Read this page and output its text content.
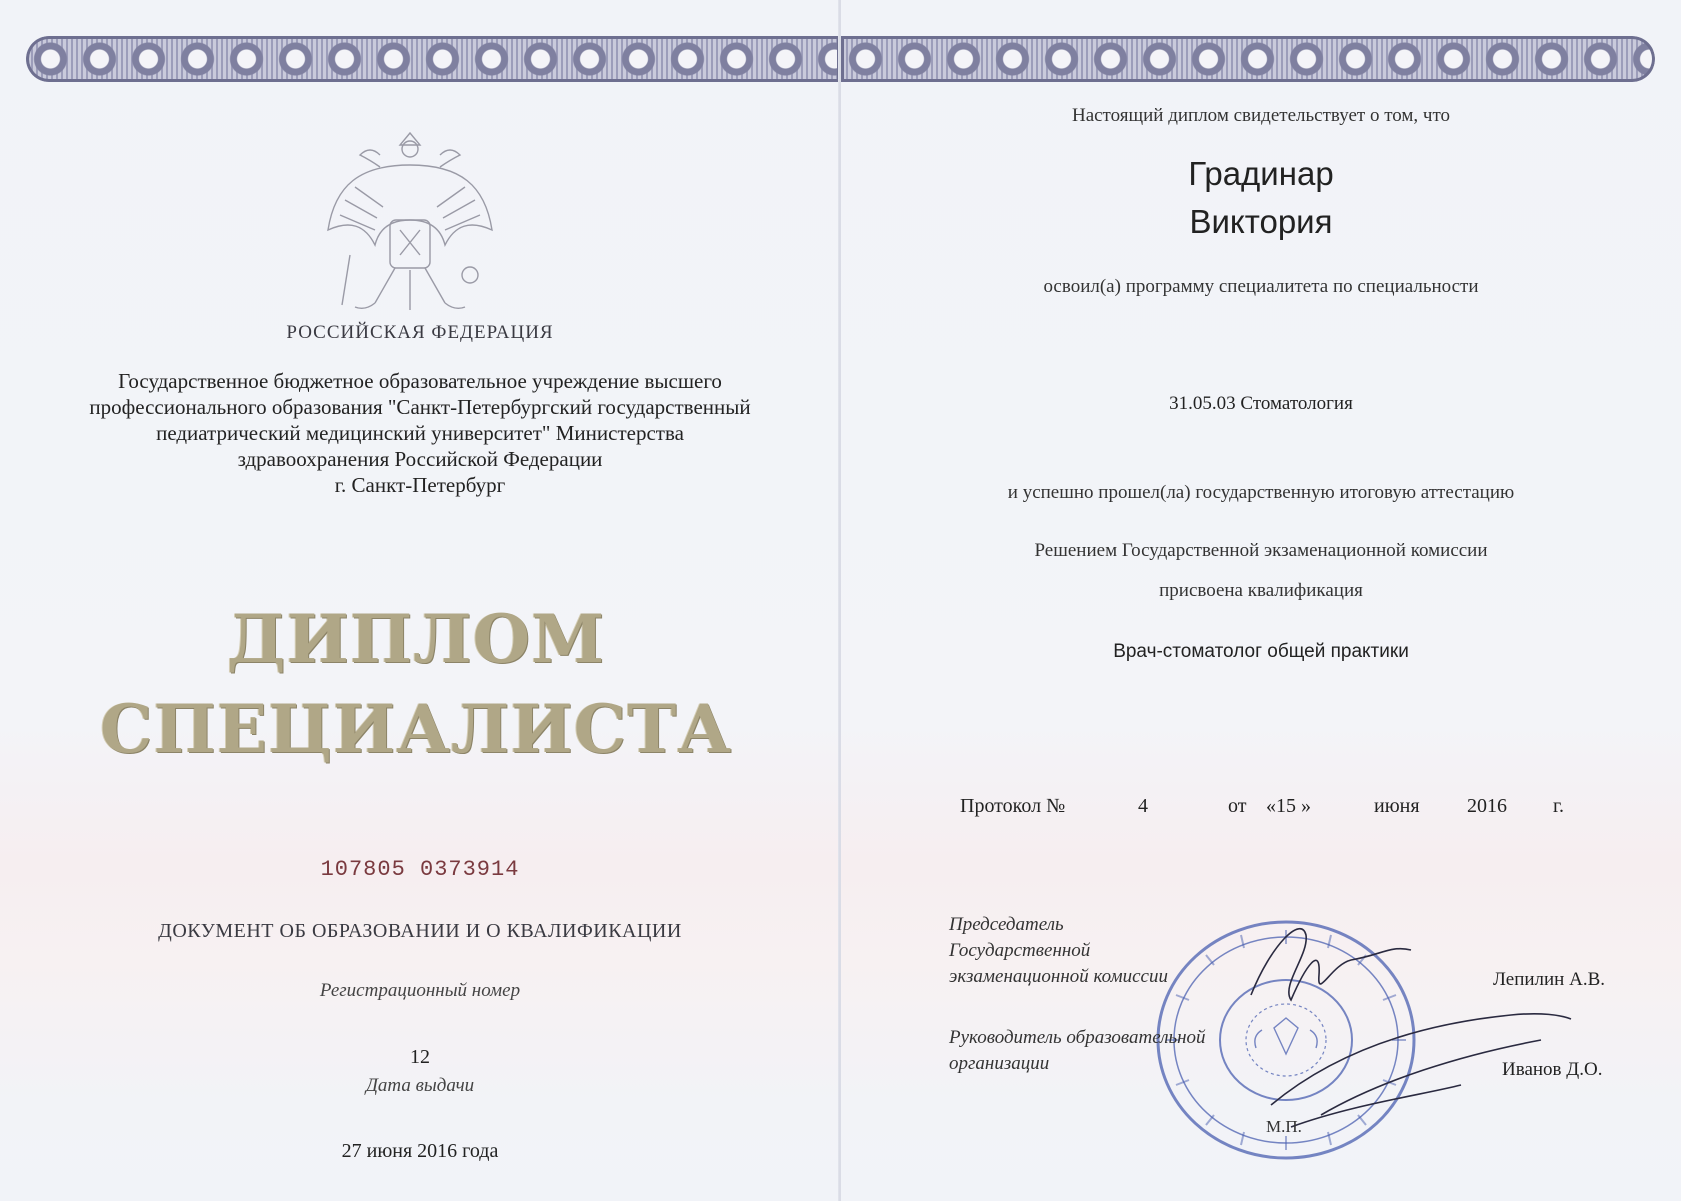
РОССИЙСКАЯ ФЕДЕРАЦИЯ
Государственное бюджетное образовательное учреждение высшего
профессионального образования "Санкт-Петербургский государственный
педиатрический медицинский университет" Министерства
здравоохранения Российской Федерации
г. Санкт-Петербург
ДИПЛОМ
СПЕЦИАЛИСТА
107805 0373914
ДОКУМЕНТ ОБ ОБРАЗОВАНИИ И О КВАЛИФИКАЦИИ
Регистрационный номер
12
Дата выдачи
27 июня 2016 года
Настоящий диплом свидетельствует о том, что
Градинар
Виктория
освоил(а) программу специалитета по специальности
31.05.03 Стоматология
и успешно прошел(ла) государственную итоговую аттестацию
Решением Государственной экзаменационной комиссии
присвоена квалификация
Врач-стоматолог общей практики
Протокол №	4	от «15 »	июня 2016 г.
Председатель
Государственной
экзаменационной комиссии	Лепилин А.В.
Руководитель образовательной
организации	Иванов Д.О.
М.П.
